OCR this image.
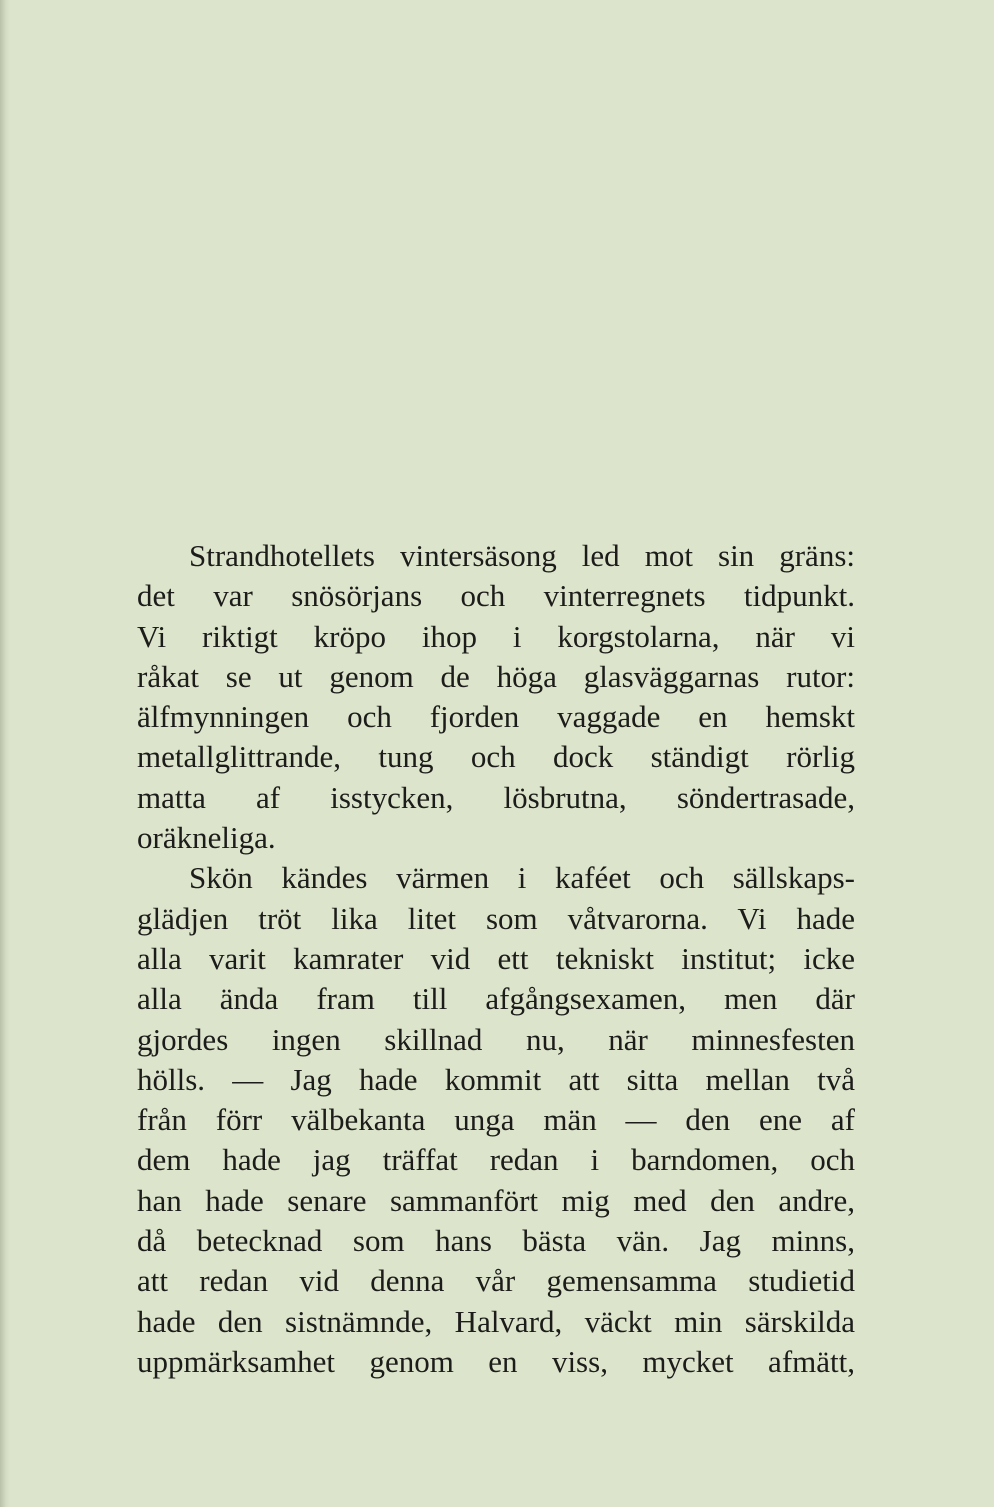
Strandhotellets vintersäsong led mot sin gräns:
det var snösörjans och vinterregnets tidpunkt.
Vi riktigt kröpo ihop i korgstolarna, när vi
råkat se ut genom de höga glasväggarnas rutor:
älfmynningen och fjorden vaggade en hemskt
metallglittrande, tung och dock ständigt rörlig
matta af isstycken, lösbrutna, söndertrasade,
oräkneliga.
Skön kändes värmen i kaféet och sällskaps-
glädjen tröt lika litet som våtvarorna. Vi hade
alla varit kamrater vid ett tekniskt institut; icke
alla ända fram till afgångsexamen, men där
gjordes ingen skillnad nu, när minnesfesten
hölls. — Jag hade kommit att sitta mellan två
från förr välbekanta unga män — den ene af
dem hade jag träffat redan i barndomen, och
han hade senare sammanfört mig med den andre,
då betecknad som hans bästa vän. Jag minns,
att redan vid denna vår gemensamma studietid
hade den sistnämnde, Halvard, väckt min särskilda
uppmärksamhet genom en viss, mycket afmätt,
